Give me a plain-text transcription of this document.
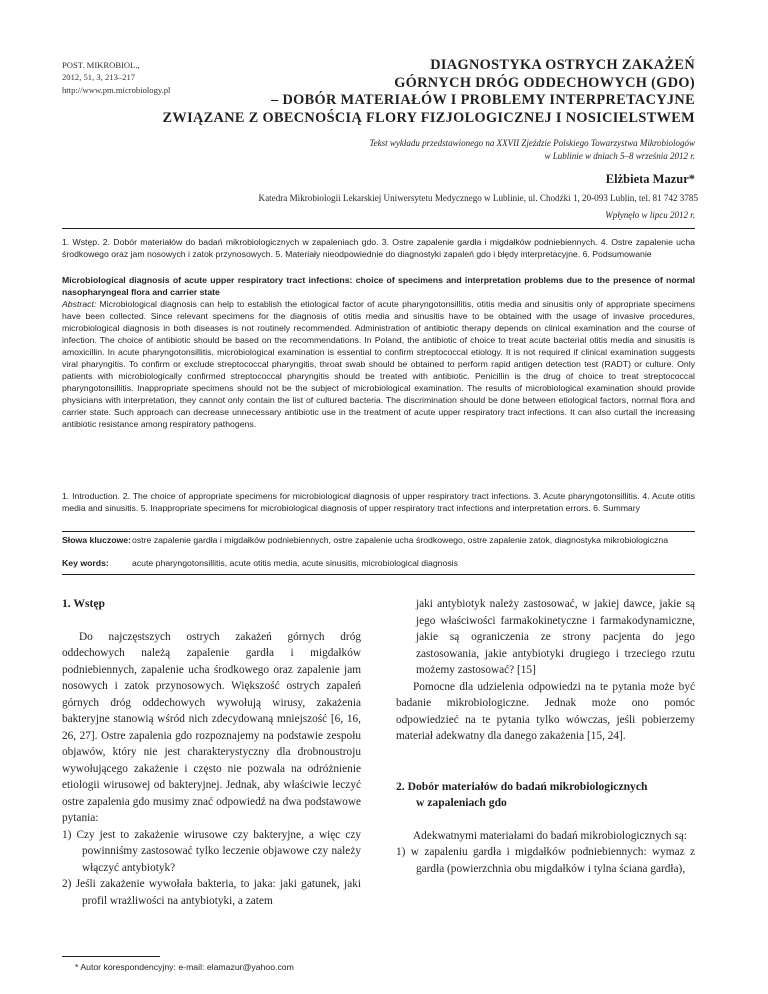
POST. MIKROBIOL.,
2012, 51, 3, 213–217
http://www.pm.microbiology.pl
DIAGNOSTYKA OSTRYCH ZAKAŻEŃ
GÓRNYCH DRÓG ODDECHOWYCH (GDO)
– DOBÓR MATERIAŁÓW I PROBLEMY INTERPRETACYJNE
ZWIĄZANE Z OBECNOŚCIĄ FLORY FIZJOLOGICZNEJ I NOSICIELSTWEM
Tekst wykładu przedstawionego na XXVII Zjeździe Polskiego Towarzystwa Mikrobiologów
w Lublinie w dniach 5–8 września 2012 r.
Elżbieta Mazur*
Katedra Mikrobiologii Lekarskiej Uniwersytetu Medycznego w Lublinie, ul. Chodźki 1, 20-093 Lublin, tel. 81 742 3785
Wpłynęło w lipcu 2012 r.
1. Wstęp. 2. Dobór materiałów do badań mikrobiologicznych w zapaleniach gdo. 3. Ostre zapalenie gardła i migdałków podniebiennych. 4. Ostre zapalenie ucha środkowego oraz jam nosowych i zatok przynosowych. 5. Materiały nieodpowiednie do diagnostyki zapaleń gdo i błędy interpretacyjne. 6. Podsumowanie
Microbiological diagnosis of acute upper respiratory tract infections: choice of specimens and interpretation problems due to the presence of normal nasopharyngeal flora and carrier state
Abstract: Microbiological diagnosis can help to establish the etiological factor of acute pharyngotonsillitis, otitis media and sinusitis only of appropriate specimens have been collected. Since relevant specimens for the diagnosis of otitis media and sinusitis have to be obtained with the usage of invasive procedures, microbiological diagnosis in both diseases is not routinely recommended. Administration of antibiotic therapy depends on clinical examination and the course of infection. The choice of antibiotic should be based on the recommendations. In Poland, the antibiotic of choice to treat acute bacterial otitis media and sinusitis is amoxicillin. In acute pharyngotonsillitis, microbiological examination is essential to confirm streptococcal etiology. It is not required if clinical examination suggests viral pharyngitis. To confirm or exclude streptococcal pharyngitis, throat swab should be obtained to perform rapid antigen detection test (RADT) or culture. Only patients with microbiologically confirmed streptococcal pharyngitis should be treated with antibiotic. Penicillin is the drug of choice to treat streptococcal pharyngotonsillitis. Inappropriate specimens should not be the subject of microbiological examination. The results of microbiological examination should provide physicians with interpretation, they cannot only contain the list of cultured bacteria. The discrimination should be done between etiological factors, normal flora and carrier state. Such approach can decrease unnecessary antibiotic use in the treatment of acute upper respiratory tract infections. It can also curtail the increasing antibiotic resistance among respiratory pathogens.
1. Introduction. 2. The choice of appropriate specimens for microbiological diagnosis of upper respiratory tract infections. 3. Acute pharyngotonsillitis. 4. Acute otitis media and sinusitis. 5. Inappropriate specimens for microbiological diagnosis of upper respiratory tract infections and interpretation errors. 6. Summary
Słowa kluczowe: ostre zapalenie gardła i migdałków podniebiennych, ostre zapalenie ucha środkowego, ostre zapalenie zatok, diagnostyka mikrobiologiczna
Key words:	acute pharyngotonsillitis, acute otitis media, acute sinusitis, microbiological diagnosis
1. Wstęp

Do najczęstszych ostrych zakażeń górnych dróg oddechowych należą zapalenie gardła i migdałków podniebiennych, zapalenie ucha środkowego oraz zapalenie jam nosowych i zatok przynosowych. Większość ostrych zapaleń górnych dróg oddechowych wywołują wirusy, zakażenia bakteryjne stanowią wśród nich zdecydowaną mniejszość [6, 16, 26, 27]. Ostre zapalenia gdo rozpoznajemy na podstawie zespołu objawów, który nie jest charakterystyczny dla drobnoustroju wywołującego zakażenie i często nie pozwala na odróżnienie etiologii wirusowej od bakteryjnej. Jednak, aby właściwie leczyć ostre zapalenia gdo musimy znać odpowiedź na dwa podstawowe pytania:

1) Czy jest to zakażenie wirusowe czy bakteryjne, a więc czy powinniśmy zastosować tylko leczenie objawowe czy należy włączyć antybiotyk?

2) Jeśli zakażenie wywołała bakteria, to jaka: jaki gatunek, jaki profil wrażliwości na antybiotyki, a zatem

jaki antybiotyk należy zastosować, w jakiej dawce, jakie są jego właściwości farmakokinetyczne i farmakodynamiczne, jakie są ograniczenia ze strony pacjenta do jego zastosowania, jakie antybiotyki drugiego i trzeciego rzutu możemy zastosować? [15]

Pomocne dla udzielenia odpowiedzi na te pytania może być badanie mikrobiologiczne. Jednak może ono pomóc odpowiedzieć na te pytania tylko wówczas, jeśli pobierzemy materiał adekwatny dla danego zakażenia [15, 24].

2. Dobór materiałów do badań mikrobiologicznych
w zapaleniach gdo

Adekwatnymi materiałami do badań mikrobiologicznych są:

1) w zapaleniu gardła i migdałków podniebiennych: wymaz z gardła (powierzchnia obu migdałków i tylna ściana gardła),

* Autor korespondencyjny: e-mail: elamazur@yahoo.com
